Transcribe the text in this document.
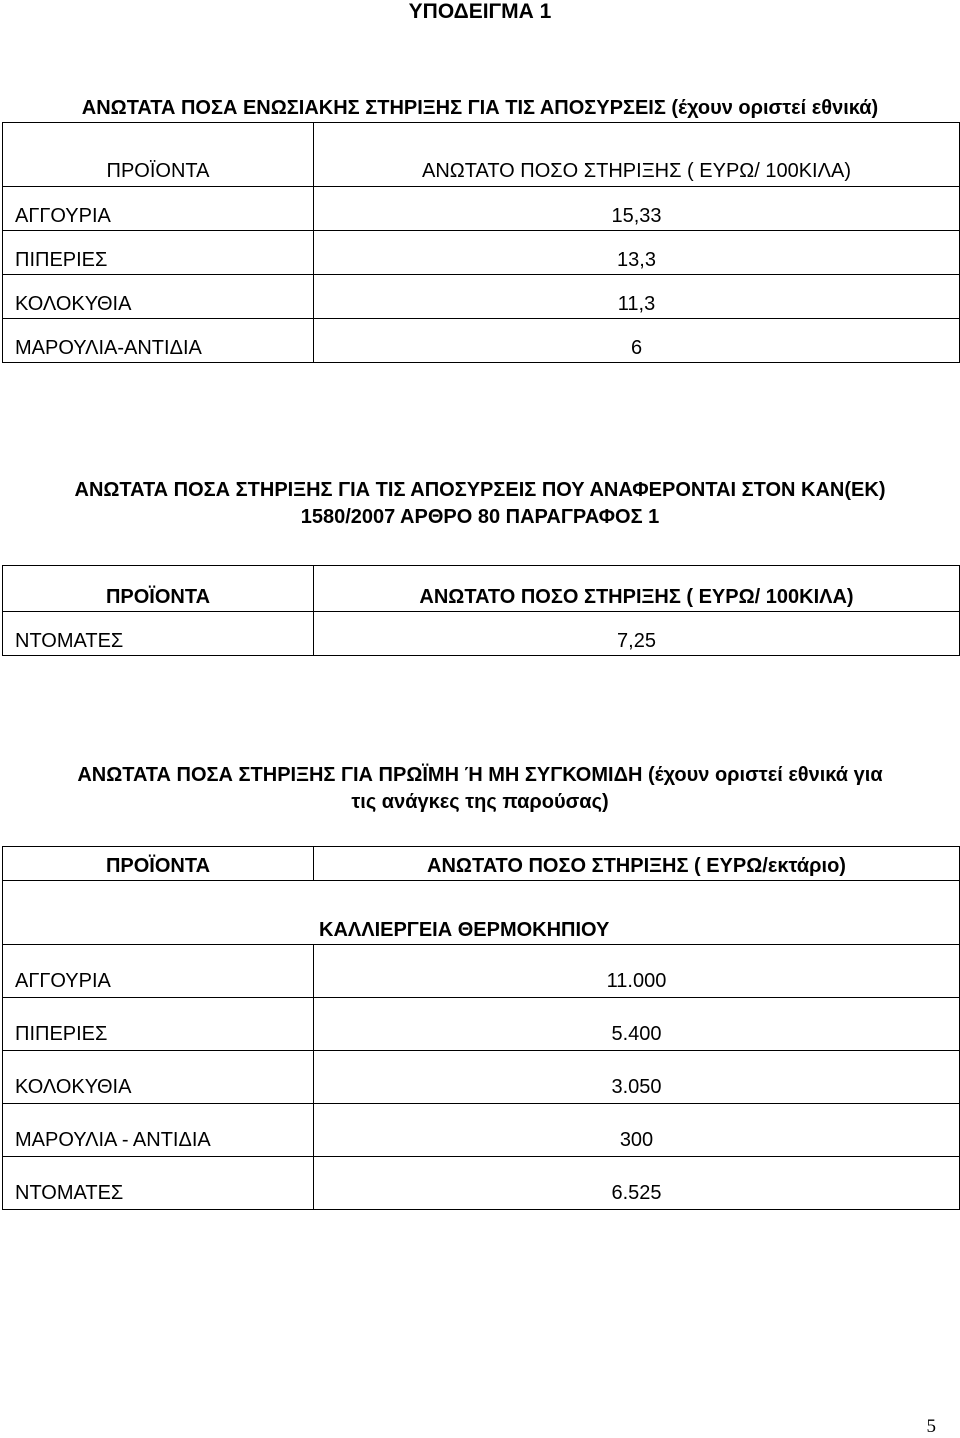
ΥΠΟΔΕΙΓΜΑ 1
ΑΝΩΤΑΤΑ ΠΟΣΑ ΕΝΩΣΙΑΚΗΣ ΣΤΗΡΙΞΗΣ ΓΙΑ ΤΙΣ ΑΠΟΣΥΡΣΕΙΣ (έχουν οριστεί εθνικά)
ΠΡΟΪΟΝΤΑ	ΑΝΩΤΑΤΟ ΠΟΣΟ ΣΤΗΡΙΞΗΣ ( ΕΥΡΩ/ 100ΚΙΛΑ)
ΑΓΓΟΥΡΙΑ	15,33
ΠΙΠΕΡΙΕΣ	13,3
ΚΟΛΟΚΥΘΙΑ	11,3
ΜΑΡΟΥΛΙΑ-ΑΝΤΙΔΙΑ	6
ΑΝΩΤΑΤΑ ΠΟΣΑ ΣΤΗΡΙΞΗΣ ΓΙΑ ΤΙΣ ΑΠΟΣΥΡΣΕΙΣ ΠΟΥ ΑΝΑΦΕΡΟΝΤΑΙ ΣΤΟΝ ΚΑΝ(ΕΚ)
1580/2007 ΑΡΘΡΟ 80 ΠΑΡΑΓΡΑΦΟΣ 1
ΠΡΟΪΟΝΤΑ	ΑΝΩΤΑΤΟ ΠΟΣΟ ΣΤΗΡΙΞΗΣ ( ΕΥΡΩ/ 100ΚΙΛΑ)
ΝΤΟΜΑΤΕΣ	7,25
ΑΝΩΤΑΤΑ ΠΟΣΑ ΣΤΗΡΙΞΗΣ ΓΙΑ ΠΡΩΪΜΗ Ή ΜΗ ΣΥΓΚΟΜΙΔΗ (έχουν οριστεί εθνικά για
τις ανάγκες της παρούσας)
ΠΡΟΪΟΝΤΑ	ΑΝΩΤΑΤΟ ΠΟΣΟ ΣΤΗΡΙΞΗΣ ( ΕΥΡΩ/εκτάριο)
ΚΑΛΛΙΕΡΓΕΙΑ ΘΕΡΜΟΚΗΠΙΟΥ	
ΑΓΓΟΥΡΙΑ	11.000
ΠΙΠΕΡΙΕΣ	5.400
ΚΟΛΟΚΥΘΙΑ	3.050
ΜΑΡΟΥΛΙΑ - ΑΝΤΙΔΙΑ	300
ΝΤΟΜΑΤΕΣ	6.525
5
